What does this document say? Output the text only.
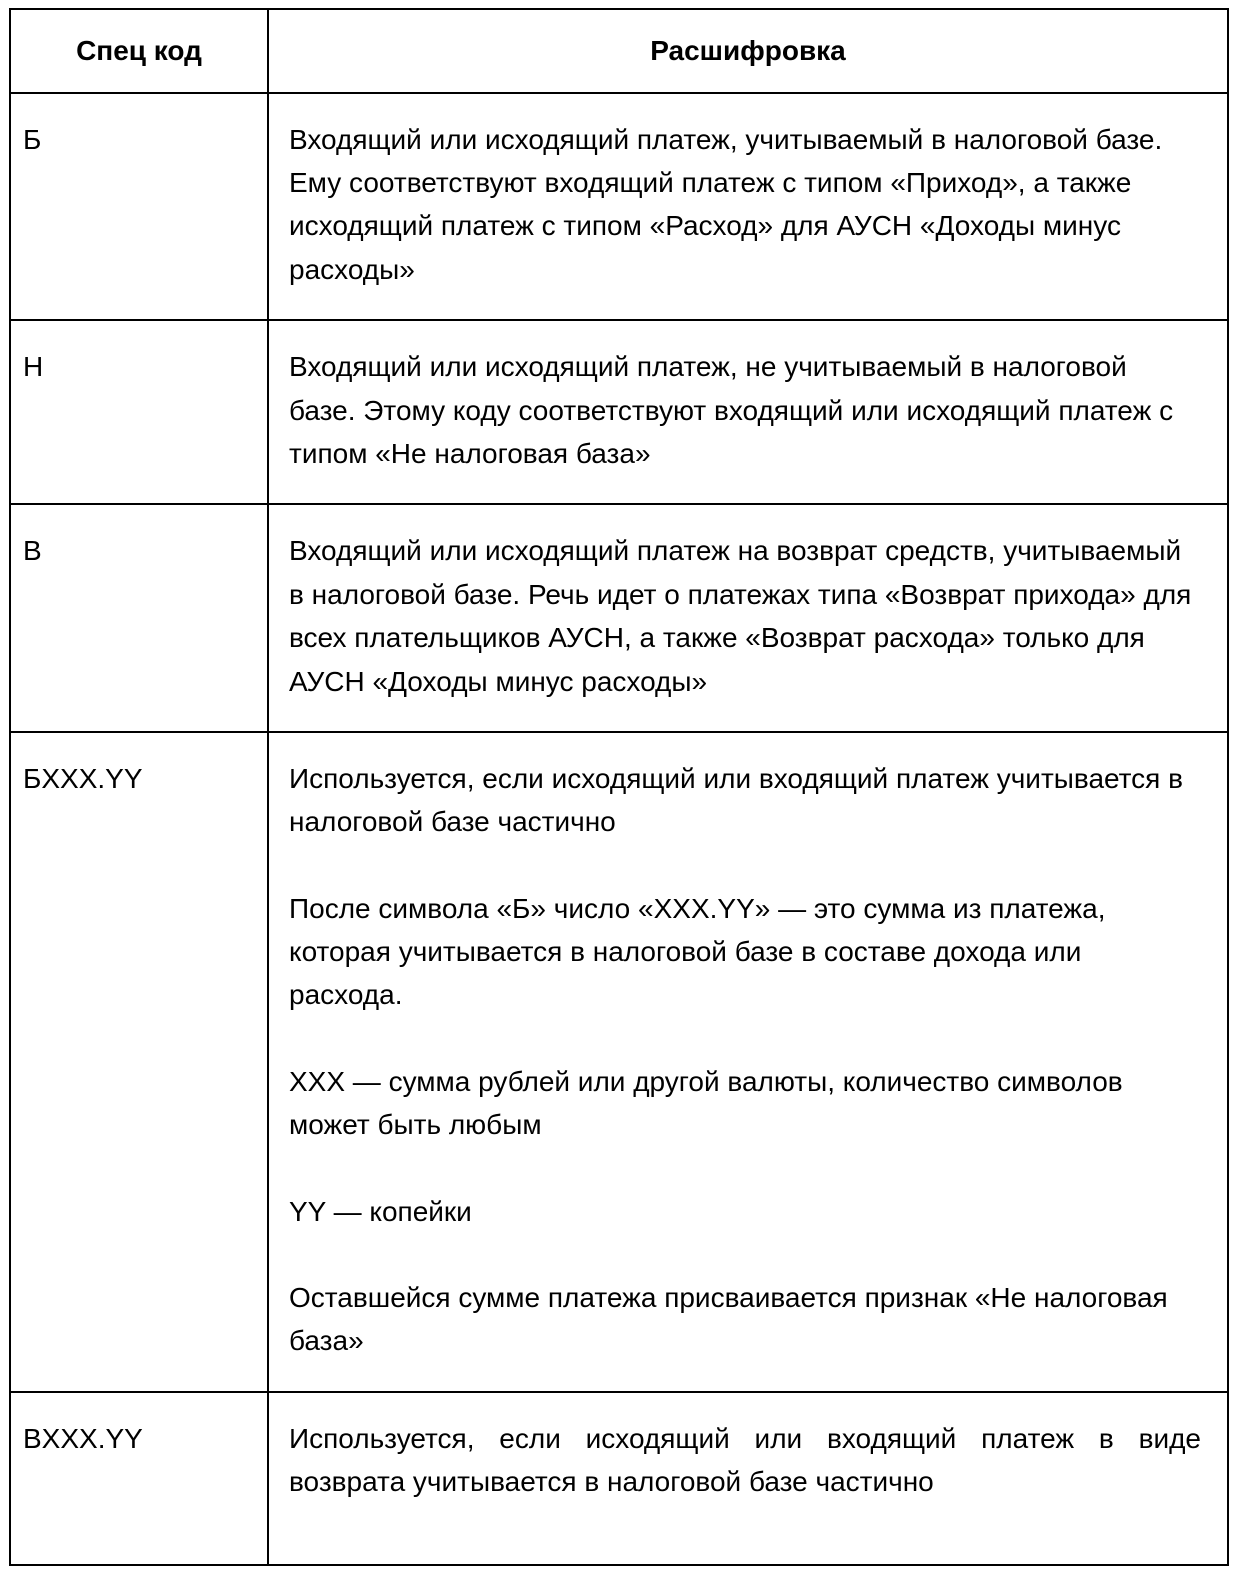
Спец код	Расшифровка
Б	Входящий или исходящий платеж, учитываемый в налоговой базе. Ему соответствуют входящий платеж с типом «Приход», а также исходящий платеж с типом «Расход» для АУСН «Доходы минус расходы»

Н	Входящий или исходящий платеж, не учитываемый в налоговой базе. Этому коду соответствуют входящий или исходящий платеж с типом «Не налоговая база»

В	Входящий или исходящий платеж на возврат средств, учитываемый в налоговой базе. Речь идет о платежах типа «Возврат прихода» для всех плательщиков АУСН, а также «Возврат расхода» только для АУСН «Доходы минус расходы»

БXXX.YY	Используется, если исходящий или входящий платеж учитывается в налоговой базе частично

После символа «Б» число «XXX.YY» — это сумма из платежа, которая учитывается в налоговой базе в составе дохода или расхода.

XXX — сумма рублей или другой валюты, количество символов может быть любым

YY — копейки

Оставшейся сумме платежа присваивается признак «Не налоговая база»

ВXXX.YY	Используется, если исходящий или входящий платеж в виде возврата учитывается в налоговой базе частично
